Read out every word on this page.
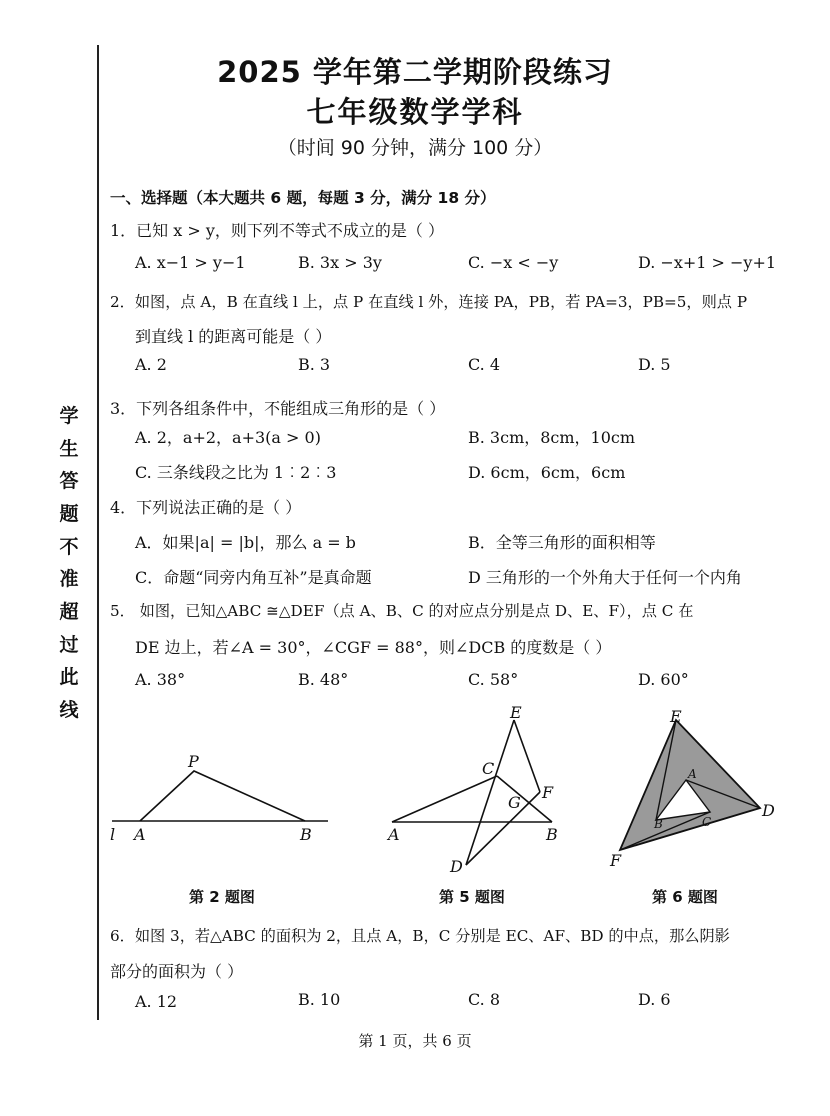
2025 学年第二学期阶段练习
七年级数学学科
（时间 90 分钟，满分 100 分）
学生答题不准超过此线
一、选择题（本大题共 6 题，每题 3 分，满分 18 分）
1．已知 x > y，则下列不等式不成立的是（ ）
A. x−1 > y−1	B. 3x > 3y	C. −x < −y	D. −x+1 > −y+1
2．如图，点 A，B 在直线 l 上，点 P 在直线 l 外，连接 PA，PB，若 PA=3，PB=5，则点 P
到直线 l 的距离可能是（ ）
A. 2	B. 3	C. 4	D. 5
3．下列各组条件中，不能组成三角形的是（ ）
A. 2，a+2，a+3(a > 0)	B. 3cm，8cm，10cm
C. 三条线段之比为 1︰2︰3	D. 6cm，6cm，6cm
4．下列说法正确的是（ ）
A．如果|a| = |b|，那么 a = b	B．全等三角形的面积相等
C．命题“同旁内角互补”是真命题	D 三角形的一个外角大于任何一个内角
5． 如图，已知△ABC ≅△DEF（点 A、B、C 的对应点分别是点 D、E、F），点 C 在
DE 边上，若∠A = 30°，∠CGF = 88°，则∠DCB 的度数是（ ）
A. 38°	B. 48°	C. 58°	D. 60°
P
A	B
l
第 2 题图
E
C
F
G
A	B
D
第 5 题图
E
D
F
A
C
B
第 6 题图
6．如图 3，若△ABC 的面积为 2，且点 A，B，C 分别是 EC、AF、BD 的中点，那么阴影
部分的面积为（ ）
A. 12	B. 10	C. 8	D. 6
第 1 页，共 6 页
